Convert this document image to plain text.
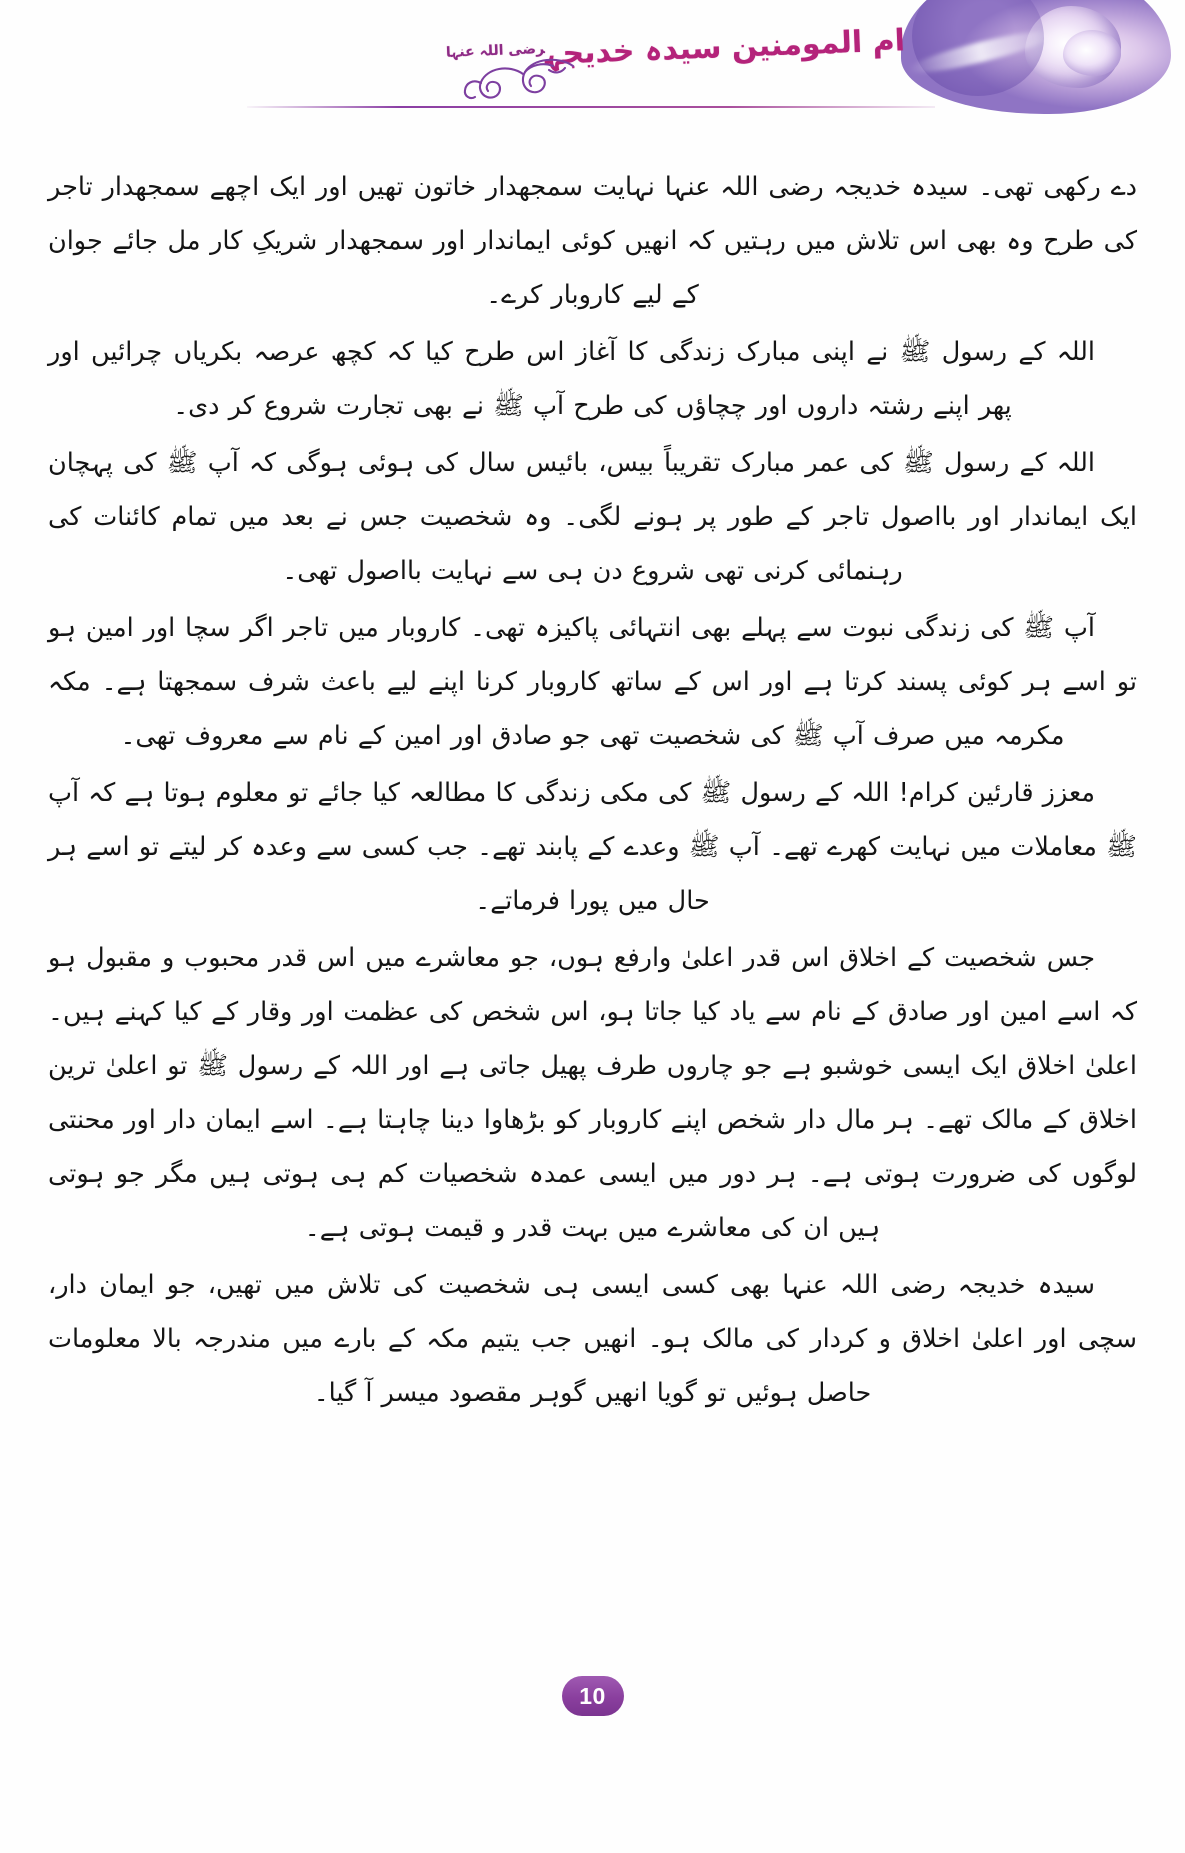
ام المومنین سیدہ خدیجہ$^{رضی اللہ عنہا}$

دے رکھی تھی۔ سیدہ خدیجہ رضی اللہ عنہا نہایت سمجھدار خاتون تھیں اور ایک اچھے سمجھدار تاجر کی طرح وہ بھی اس تلاش میں رہتیں کہ انھیں کوئی ایماندار اور سمجھدار شریکِ کار مل جائے جوان کے لیے کاروبار کرے۔

اللہ کے رسول ﷺ نے اپنی مبارک زندگی کا آغاز اس طرح کیا کہ کچھ عرصہ بکریاں چرائیں اور پھر اپنے رشتہ داروں اور چچاؤں کی طرح آپ ﷺ نے بھی تجارت شروع کر دی۔

اللہ کے رسول ﷺ کی عمر مبارک تقریباً بیس، بائیس سال کی ہوئی ہوگی کہ آپ ﷺ کی پہچان ایک ایماندار اور بااصول تاجر کے طور پر ہونے لگی۔ وہ شخصیت جس نے بعد میں تمام کائنات کی رہنمائی کرنی تھی شروع دن ہی سے نہایت بااصول تھی۔

آپ ﷺ کی زندگی نبوت سے پہلے بھی انتہائی پاکیزہ تھی۔ کاروبار میں تاجر اگر سچا اور امین ہو تو اسے ہر کوئی پسند کرتا ہے اور اس کے ساتھ کاروبار کرنا اپنے لیے باعث شرف سمجھتا ہے۔ مکہ مکرمہ میں صرف آپ ﷺ کی شخصیت تھی جو صادق اور امین کے نام سے معروف تھی۔

معزز قارئین کرام! اللہ کے رسول ﷺ کی مکی زندگی کا مطالعہ کیا جائے تو معلوم ہوتا ہے کہ آپ ﷺ معاملات میں نہایت کھرے تھے۔ آپ ﷺ وعدے کے پابند تھے۔ جب کسی سے وعدہ کر لیتے تو اسے ہر حال میں پورا فرماتے۔

جس شخصیت کے اخلاق اس قدر اعلیٰ وارفع ہوں، جو معاشرے میں اس قدر محبوب و مقبول ہو کہ اسے امین اور صادق کے نام سے یاد کیا جاتا ہو، اس شخص کی عظمت اور وقار کے کیا کہنے ہیں۔ اعلیٰ اخلاق ایک ایسی خوشبو ہے جو چاروں طرف پھیل جاتی ہے اور اللہ کے رسول ﷺ تو اعلیٰ ترین اخلاق کے مالک تھے۔ ہر مال دار شخص اپنے کاروبار کو بڑھاوا دینا چاہتا ہے۔ اسے ایمان دار اور محنتی لوگوں کی ضرورت ہوتی ہے۔ ہر دور میں ایسی عمدہ شخصیات کم ہی ہوتی ہیں مگر جو ہوتی ہیں ان کی معاشرے میں بہت قدر و قیمت ہوتی ہے۔

سیدہ خدیجہ رضی اللہ عنہا بھی کسی ایسی ہی شخصیت کی تلاش میں تھیں، جو ایمان دار، سچی اور اعلیٰ اخلاق و کردار کی مالک ہو۔ انھیں جب یتیم مکہ کے بارے میں مندرجہ بالا معلومات حاصل ہوئیں تو گویا انھیں گوہر مقصود میسر آ گیا۔

10
